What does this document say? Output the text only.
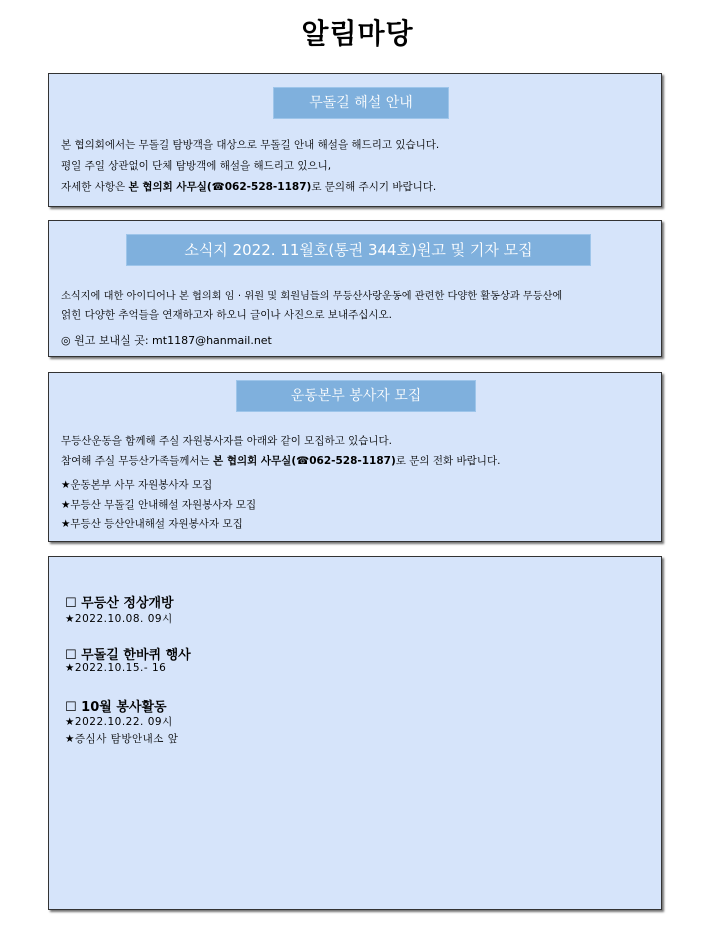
알림마당
무돌길 해설 안내
본 협의회에서는 무돌길 탐방객을 대상으로 무돌길 안내 해설을 해드리고 있습니다.
평일 주일 상관없이 단체 탐방객에 해설을 해드리고 있으니,
자세한 사항은 본 협의회 사무실(☎062-528-1187)로 문의해 주시기 바랍니다.
소식지 2022. 11월호(통권 344호)원고 및 기자 모집
소식지에 대한 아이디어나 본 협의회 임 · 위원 및 회원님들의 무등산사랑운동에 관련한 다양한 활동상과 무등산에
얽힌 다양한 추억들을 연재하고자 하오니 글이나 사진으로 보내주십시오.
◎ 원고 보내실 곳: mt1187@hanmail.net
운동본부 봉사자 모집
무등산운동을 함께해 주실 자원봉사자를 아래와 같이 모집하고 있습니다.
참여해 주실 무등산가족들께서는 본 협의회 사무실(☎062-528-1187)로 문의 전화 바랍니다.
★운동본부 사무 자원봉사자 모집
★무등산 무돌길 안내해설 자원봉사자 모집
★무등산 등산안내해설 자원봉사자 모집
☐ 무등산 정상개방
★2022.10.08. 09시
☐ 무돌길 한바퀴 행사
★2022.10.15.- 16
☐ 10월 봉사활동
★2022.10.22. 09시
★증심사 탐방안내소 앞
